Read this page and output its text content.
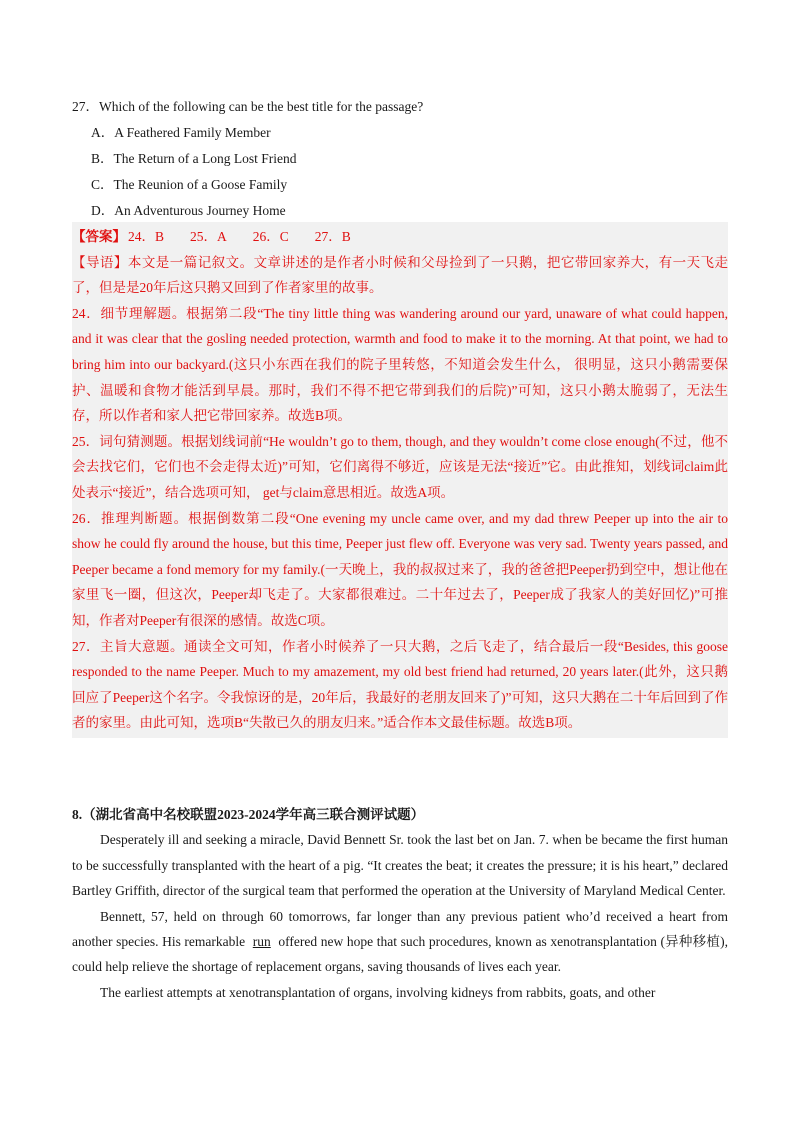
27．Which of the following can be the best title for the passage?
A．A Feathered Family Member
B．The Return of a Long Lost Friend
C．The Reunion of a Goose Family
D．An Adventurous Journey Home

【答案】 24．B 25．A 26．C 27．B

【导语】本文是一篇记叙文。文章讲述的是作者小时候和父母捡到了一只鹅，把它带回家养大，有一天飞走了，但是是20年后这只鹅又回到了作者家里的故事。

24．细节理解题。根据第二段“The tiny little thing was wandering around our yard, unaware of what could happen, and it was clear that the gosling needed protection, warmth and food to make it to the morning. At that point, we had to bring him into our backyard.(这只小东西在我们的院子里转悠，不知道会发生什么， 很明显，这只小鹅需要保护、温暖和食物才能活到早晨。那时，我们不得不把它带到我们的后院)”可知，这只小鹅太脆弱了，无法生存，所以作者和家人把它带回家养。故选B项。

25．词句猜测题。根据划线词前“He wouldn’t go to them, though, and they wouldn’t come close enough(不过，他不会去找它们，它们也不会走得太近)”可知，它们离得不够近，应该是无法“接近”它。由此推知，划线词claim此处表示“接近”，结合选项可知， get与claim意思相近。故选A项。

26．推理判断题。根据倒数第二段“One evening my uncle came over, and my dad threw Peeper up into the air to show he could fly around the house, but this time, Peeper just flew off. Everyone was very sad. Twenty years passed, and Peeper became a fond memory for my family.(一天晚上，我的叔叔过来了，我的爸爸把Peeper扔到空中，想让他在家里飞一圈，但这次，Peeper却飞走了。大家都很难过。二十年过去了，Peeper成了我家人的美好回忆)”可推知，作者对Peeper有很深的感情。故选C项。

27．主旨大意题。通读全文可知，作者小时候养了一只大鹅，之后飞走了，结合最后一段“Besides, this goose responded to the name Peeper. Much to my amazement, my old best friend had returned, 20 years later.(此外，这只鹅回应了Peeper这个名字。令我惊讶的是，20年后，我最好的老朋友回来了)”可知，这只大鹅在二十年后回到了作者的家里。由此可知，选项B“失散已久的朋友归来。”适合作本文最佳标题。故选B项。

8.（湖北省高中名校联盟2023-2024学年高三联合测评试题）

Desperately ill and seeking a miracle, David Bennett Sr. took the last bet on Jan. 7. when be became the first human to be successfully transplanted with the heart of a pig. “It creates the beat; it creates the pressure; it is his heart,” declared Bartley Griffith, director of the surgical team that performed the operation at the University of Maryland Medical Center.

Bennett, 57, held on through 60 tomorrows, far longer than any previous patient who’d received a heart from another species. His remarkable run offered new hope that such procedures, known as xenotransplantation (异种移植), could help relieve the shortage of replacement organs, saving thousands of lives each year.

The earliest attempts at xenotransplantation of organs, involving kidneys from rabbits, goats, and other
